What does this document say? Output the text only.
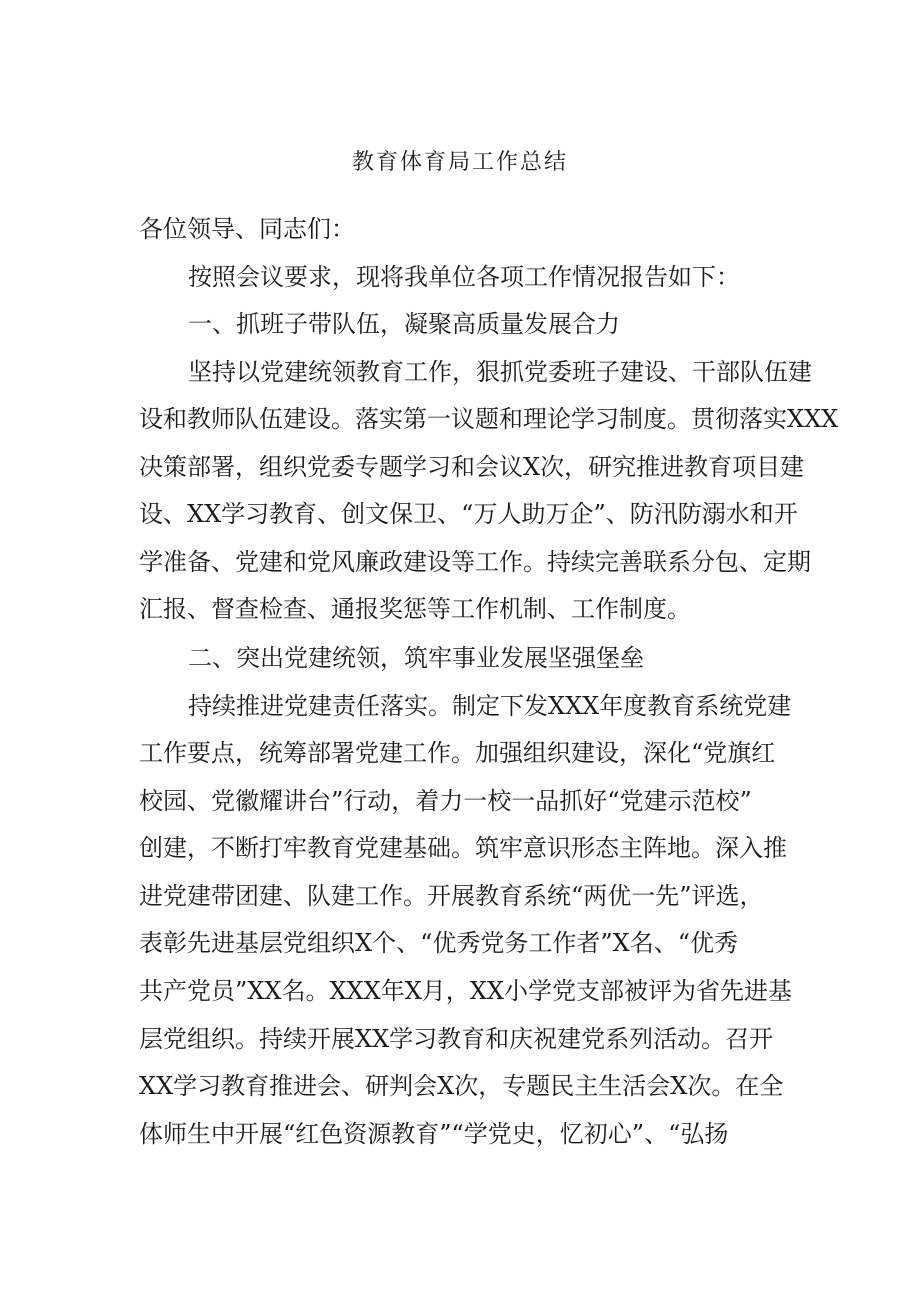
教育体育局工作总结
各位领导、同志们：
按照会议要求，现将我单位各项工作情况报告如下：
一、抓班子带队伍，凝聚高质量发展合力
坚持以党建统领教育工作，狠抓党委班子建设、干部队伍建
设和教师队伍建设。落实第一议题和理论学习制度。贯彻落实XXX
决策部署，组织党委专题学习和会议X次，研究推进教育项目建
设、XX学习教育、创文保卫、“万人助万企”、防汛防溺水和开
学准备、党建和党风廉政建设等工作。持续完善联系分包、定期
汇报、督查检查、通报奖惩等工作机制、工作制度。
二、突出党建统领，筑牢事业发展坚强堡垒
持续推进党建责任落实。制定下发XXX年度教育系统党建
工作要点，统筹部署党建工作。加强组织建设，深化“党旗红
校园、党徽耀讲台”行动，着力一校一品抓好“党建示范校”
创建，不断打牢教育党建基础。筑牢意识形态主阵地。深入推
进党建带团建、队建工作。开展教育系统“两优一先”评选，
表彰先进基层党组织X个、“优秀党务工作者”X名、“优秀
共产党员”XX名。XXX年X月，XX小学党支部被评为省先进基
层党组织。持续开展XX学习教育和庆祝建党系列活动。召开
XX学习教育推进会、研判会X次，专题民主生活会X次。在全
体师生中开展“红色资源教育”“学党史，忆初心”、“弘扬
